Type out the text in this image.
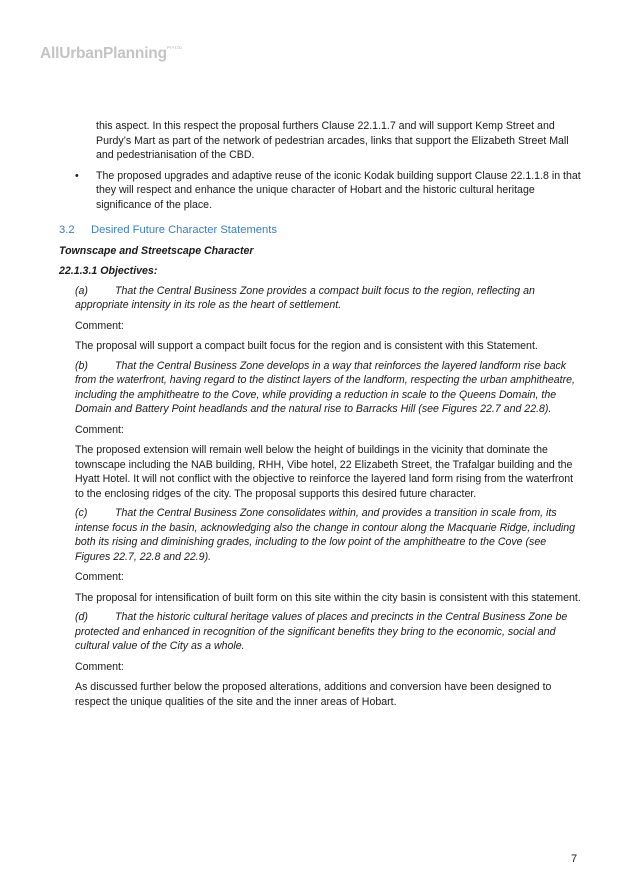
AllUrbanPlanning$^{PTY LTD}$

this aspect. In this respect the proposal furthers Clause 22.1.1.7 and will support Kemp Street and Purdy’s Mart as part of the network of pedestrian arcades, links that support the Elizabeth Street Mall and pedestrianisation of the CBD.

•	The proposed upgrades and adaptive reuse of the iconic Kodak building support Clause 22.1.1.8 in that they will respect and enhance the unique character of Hobart and the historic cultural heritage significance of the place.
3.2	Desired Future Character Statements

Townscape and Streetscape Character

22.1.3.1 Objectives:

(a)	That the Central Business Zone provides a compact built focus to the region, reflecting an appropriate intensity in its role as the heart of settlement.

Comment:

The proposal will support a compact built focus for the region and is consistent with this Statement.

(b)	That the Central Business Zone develops in a way that reinforces the layered landform rise back from the waterfront, having regard to the distinct layers of the landform, respecting the urban amphitheatre, including the amphitheatre to the Cove, while providing a reduction in scale to the Queens Domain, the Domain and Battery Point headlands and the natural rise to Barracks Hill (see Figures 22.7 and 22.8).

Comment:

The proposed extension will remain well below the height of buildings in the vicinity that dominate the townscape including the NAB building, RHH, Vibe hotel, 22 Elizabeth Street, the Trafalgar building and the Hyatt Hotel. It will not conflict with the objective to reinforce the layered land form rising from the waterfront to the enclosing ridges of the city. The proposal supports this desired future character.

(c)	That the Central Business Zone consolidates within, and provides a transition in scale from, its intense focus in the basin, acknowledging also the change in contour along the Macquarie Ridge, including both its rising and diminishing grades, including to the low point of the amphitheatre to the Cove (see Figures 22.7, 22.8 and 22.9).

Comment:

The proposal for intensification of built form on this site within the city basin is consistent with this statement.

(d)	That the historic cultural heritage values of places and precincts in the Central Business Zone be protected and enhanced in recognition of the significant benefits they bring to the economic, social and cultural value of the City as a whole.

Comment:

As discussed further below the proposed alterations, additions and conversion have been designed to respect the unique qualities of the site and the inner areas of Hobart.

7
